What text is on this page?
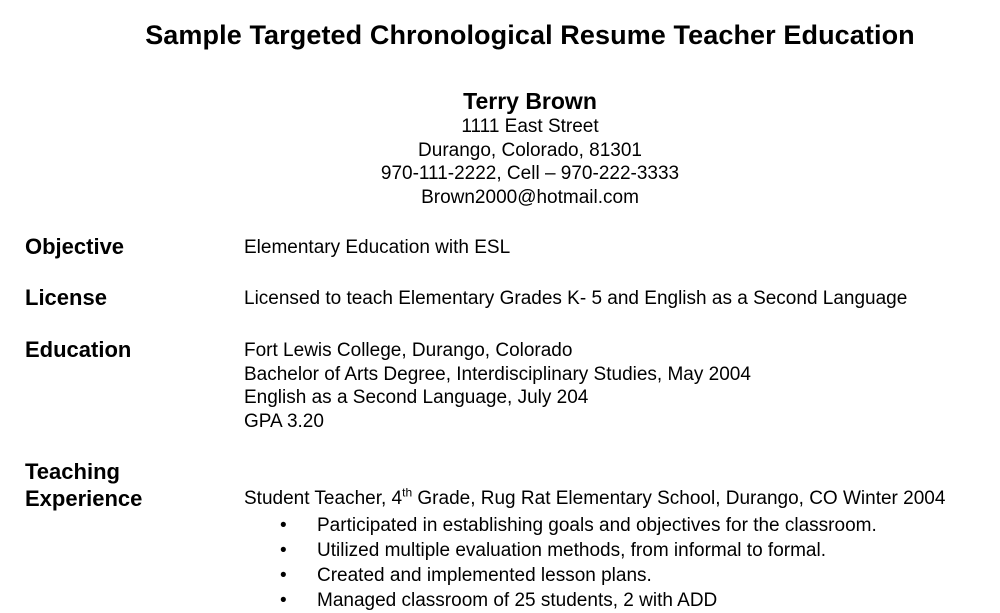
Sample Targeted Chronological Resume Teacher Education
Terry Brown
1111 East Street
Durango, Colorado, 81301
970-111-2222, Cell – 970-222-3333
Brown2000@hotmail.com
Objective	Elementary Education with ESL
License	Licensed to teach Elementary Grades K- 5 and English as a Second Language
Education	Fort Lewis College, Durango, Colorado
Bachelor of Arts Degree, Interdisciplinary Studies, May 2004
English as a Second Language, July 204
GPA 3.20
Teaching
Experience	Student Teacher, 4th Grade, Rug Rat Elementary School, Durango, CO Winter 2004
• Participated in establishing goals and objectives for the classroom.
• Utilized multiple evaluation methods, from informal to formal.
• Created and implemented lesson plans.
• Managed classroom of 25 students, 2 with ADD
